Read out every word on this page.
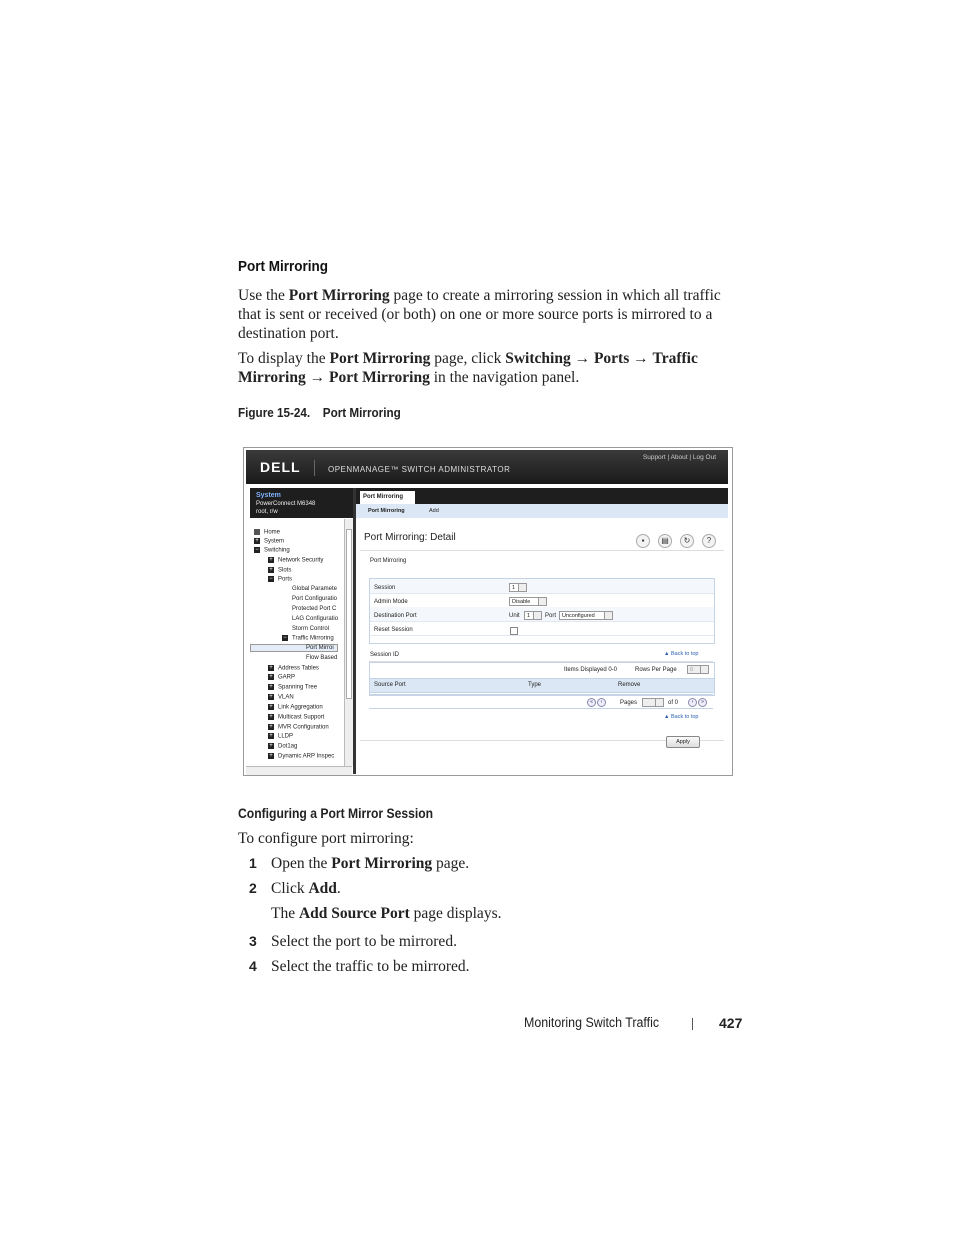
Port Mirroring

Use the Port Mirroring page to create a mirroring session in which all traffic that is sent or received (or both) on one or more source ports is mirrored to a destination port.

To display the Port Mirroring page, click Switching → Ports → Traffic Mirroring → Port Mirroring in the navigation panel.

Figure 15-24. Port Mirroring
DELL	OPENMANAGE™ SWITCH ADMINISTRATOR
Support | About | Log Out
System
PowerConnect M6348
root, r/w
Home
+ System
− Switching
+ Network Security
+ Slots
− Ports
Global Paramete
Port Configuratio
Protected Port C
LAG Configuratio
Storm Control
− Traffic Mirroring
Port Mirroi
Flow Based
+ Address Tables
+ GARP
+ Spanning Tree
+ VLAN
+ Link Aggregation
+ Multicast Support
+ MVR Configuration
+ LLDP
+ Dot1ag
+ Dynamic ARP Inspec
Port Mirroring
Port Mirroring	Add
Port Mirroring: Detail	▪ ▤ ↻ ?
Port Mirroring
Session	1
Admin Mode	Disable
Destination Port	Unit	1	Port	Unconfigured
Reset Session
▲ Back to top
Session ID
Items Displayed 0-0	Rows Per Page	0
Source Port	Type	Remove
«	‹	Pages	of 0	›	»
▲ Back to top
Apply
Configuring a Port Mirror Session
To configure port mirroring:
1 Open the Port Mirroring page.
2 Click Add.
The Add Source Port page displays.
3 Select the port to be mirrored.
4 Select the traffic to be mirrored.
Monitoring Switch Traffic	427
